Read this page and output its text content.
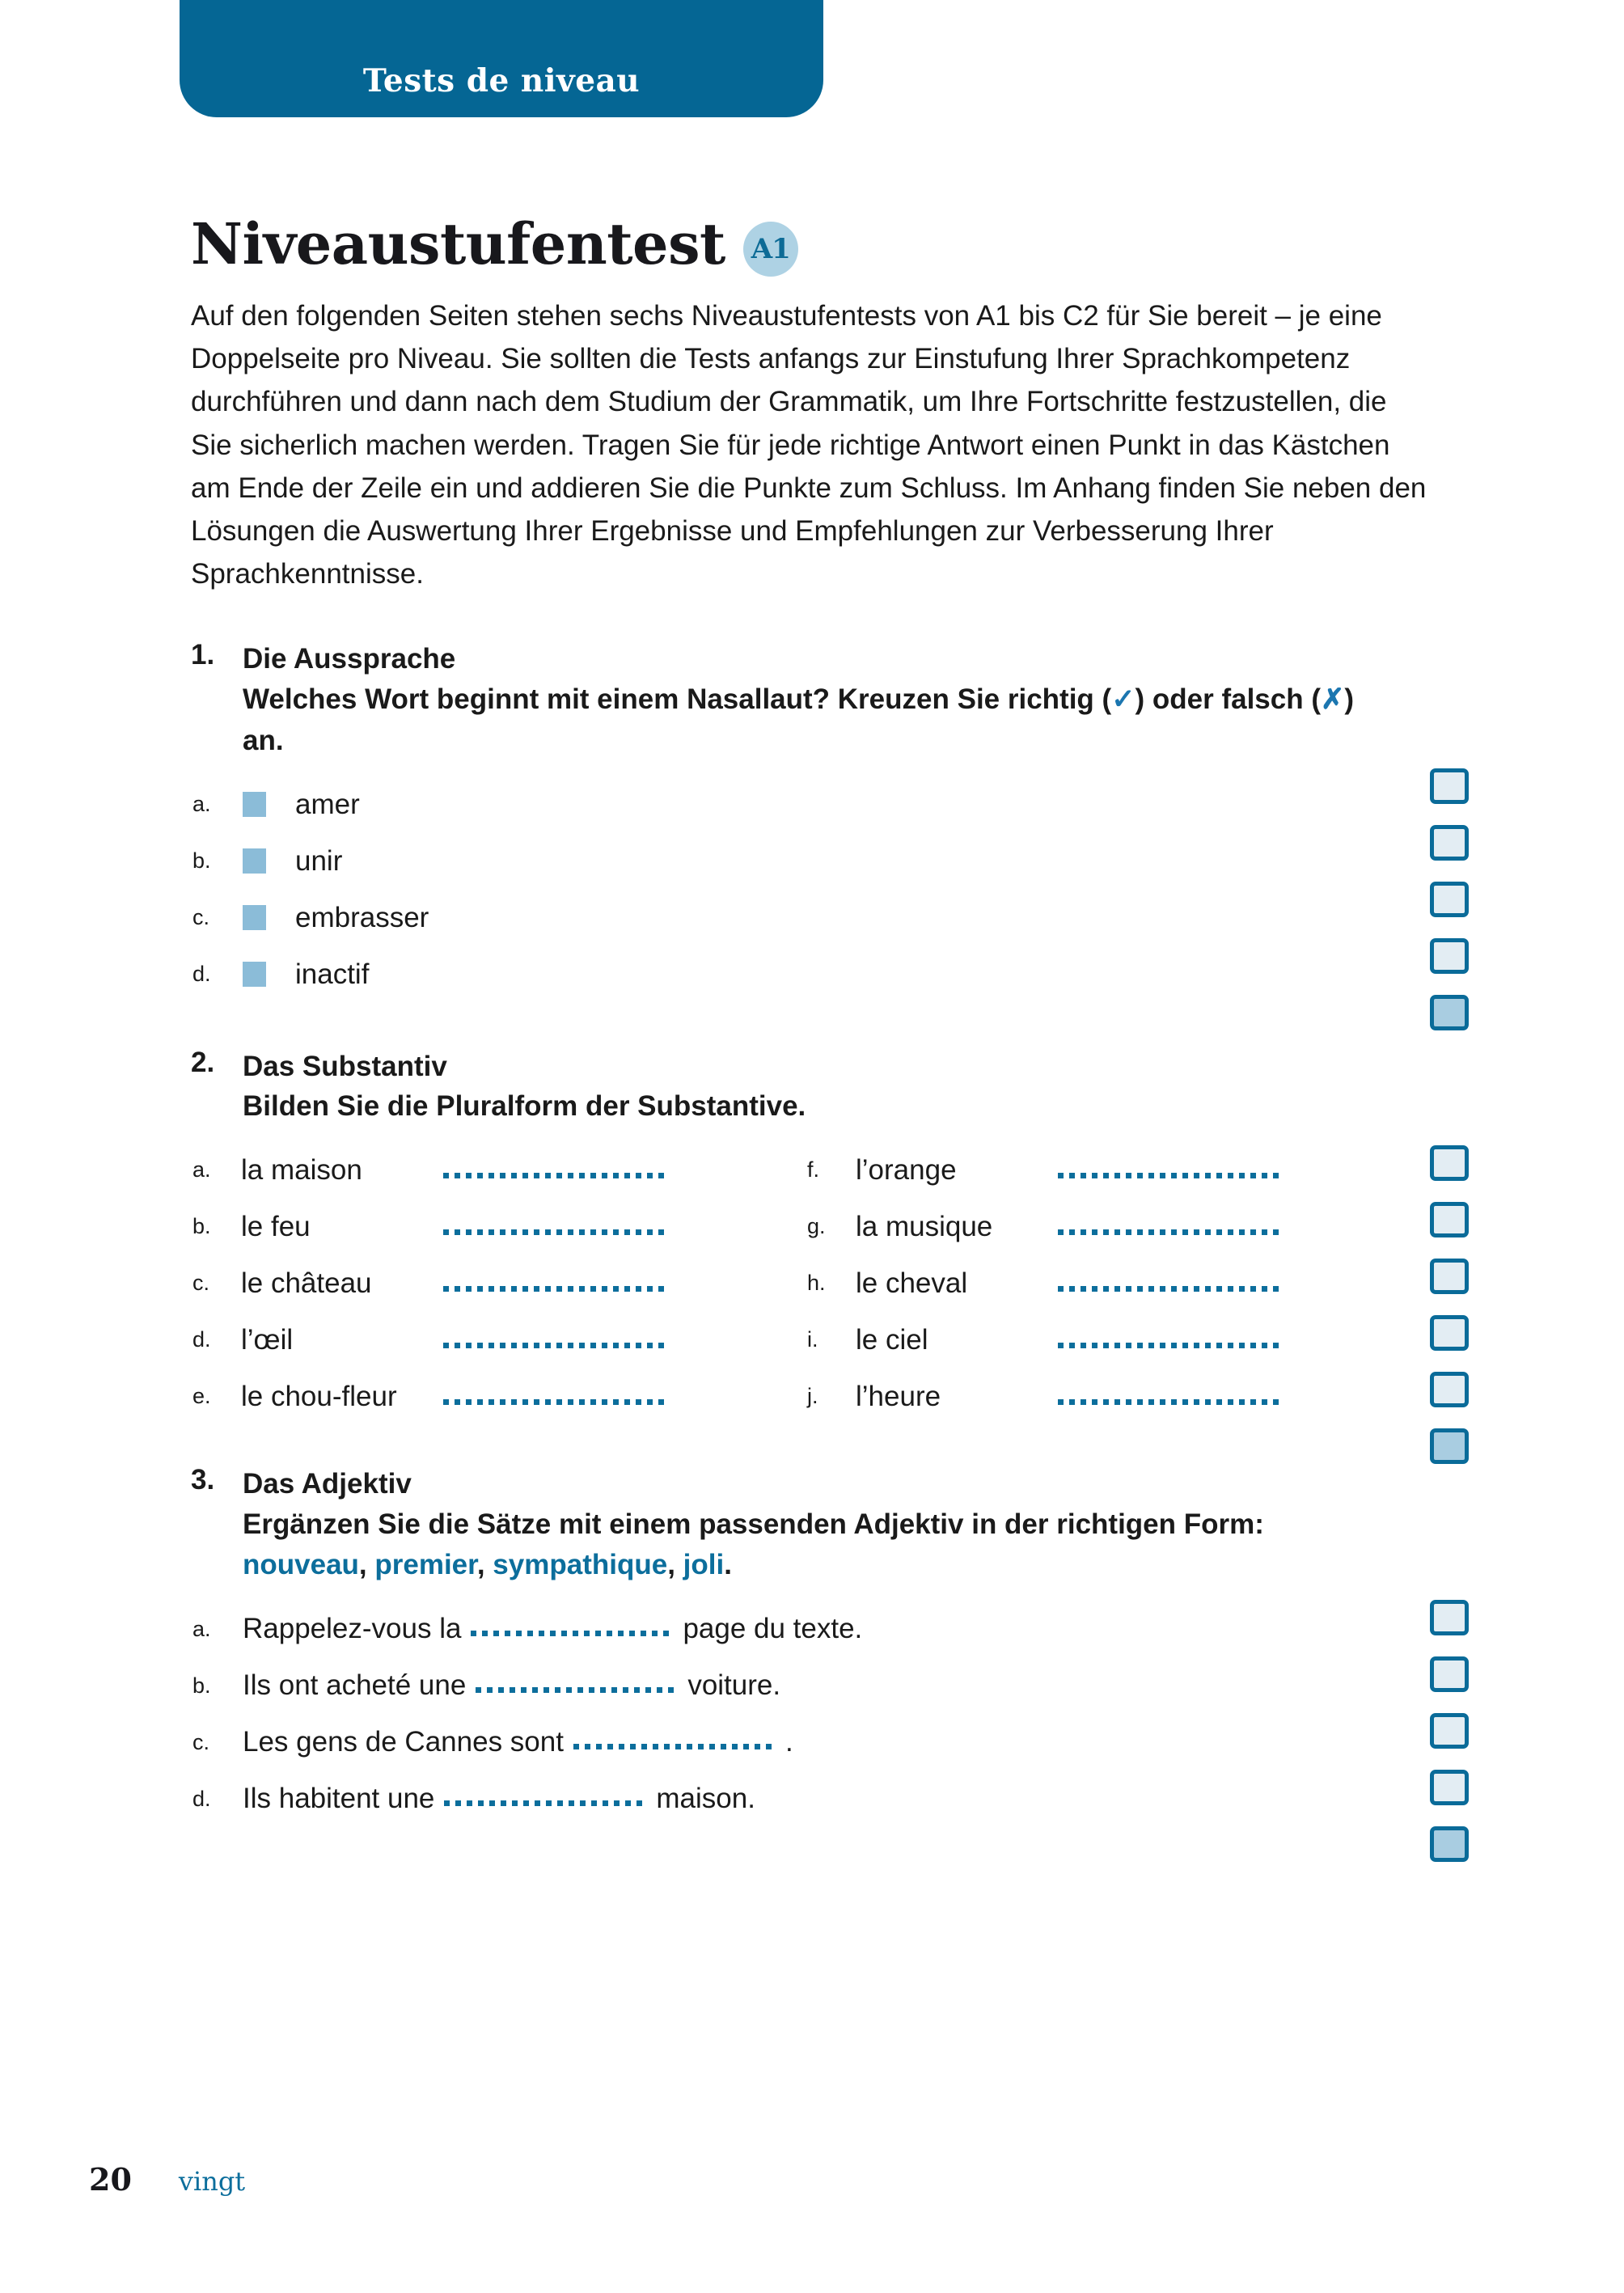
Tests de niveau
Niveaustufentest A1

Auf den folgenden Seiten stehen sechs Niveaustufentests von A1 bis C2 für Sie bereit – je eine Doppelseite pro Niveau. Sie sollten die Tests anfangs zur Einstufung Ihrer Sprachkompetenz durchführen und dann nach dem Studium der Grammatik, um Ihre Fortschritte festzustellen, die Sie sicherlich machen werden. Tragen Sie für jede richtige Antwort einen Punkt in das Kästchen am Ende der Zeile ein und addieren Sie die Punkte zum Schluss. Im Anhang finden Sie neben den Lösungen die Auswertung Ihrer Ergebnisse und Empfehlungen zur Verbesserung Ihrer Sprachkenntnisse.

1. Die Aussprache
Welches Wort beginnt mit einem Nasallaut? Kreuzen Sie richtig (✓) oder falsch (✗) an.
a.	amer
b.	unir
c.	embrasser
d.	inactif
2. Das Substantiv
Bilden Sie die Pluralform der Substantive.
a.	la maison
b.	le feu
c.	le château
d.	l’œil
e.	le chou-fleur
f.	l’orange
g.	la musique
h.	le cheval
i.	le ciel
j.	l’heure
3. Das Adjektiv
Ergänzen Sie die Sätze mit einem passenden Adjektiv in der richtigen Form: nouveau, premier, sympathique, joli.
a.	Rappelez-vous la	page du texte.
b.	Ils ont acheté une	voiture.
c.	Les gens de Cannes sont	.
d.	Ils habitent une	maison.
20 vingt
